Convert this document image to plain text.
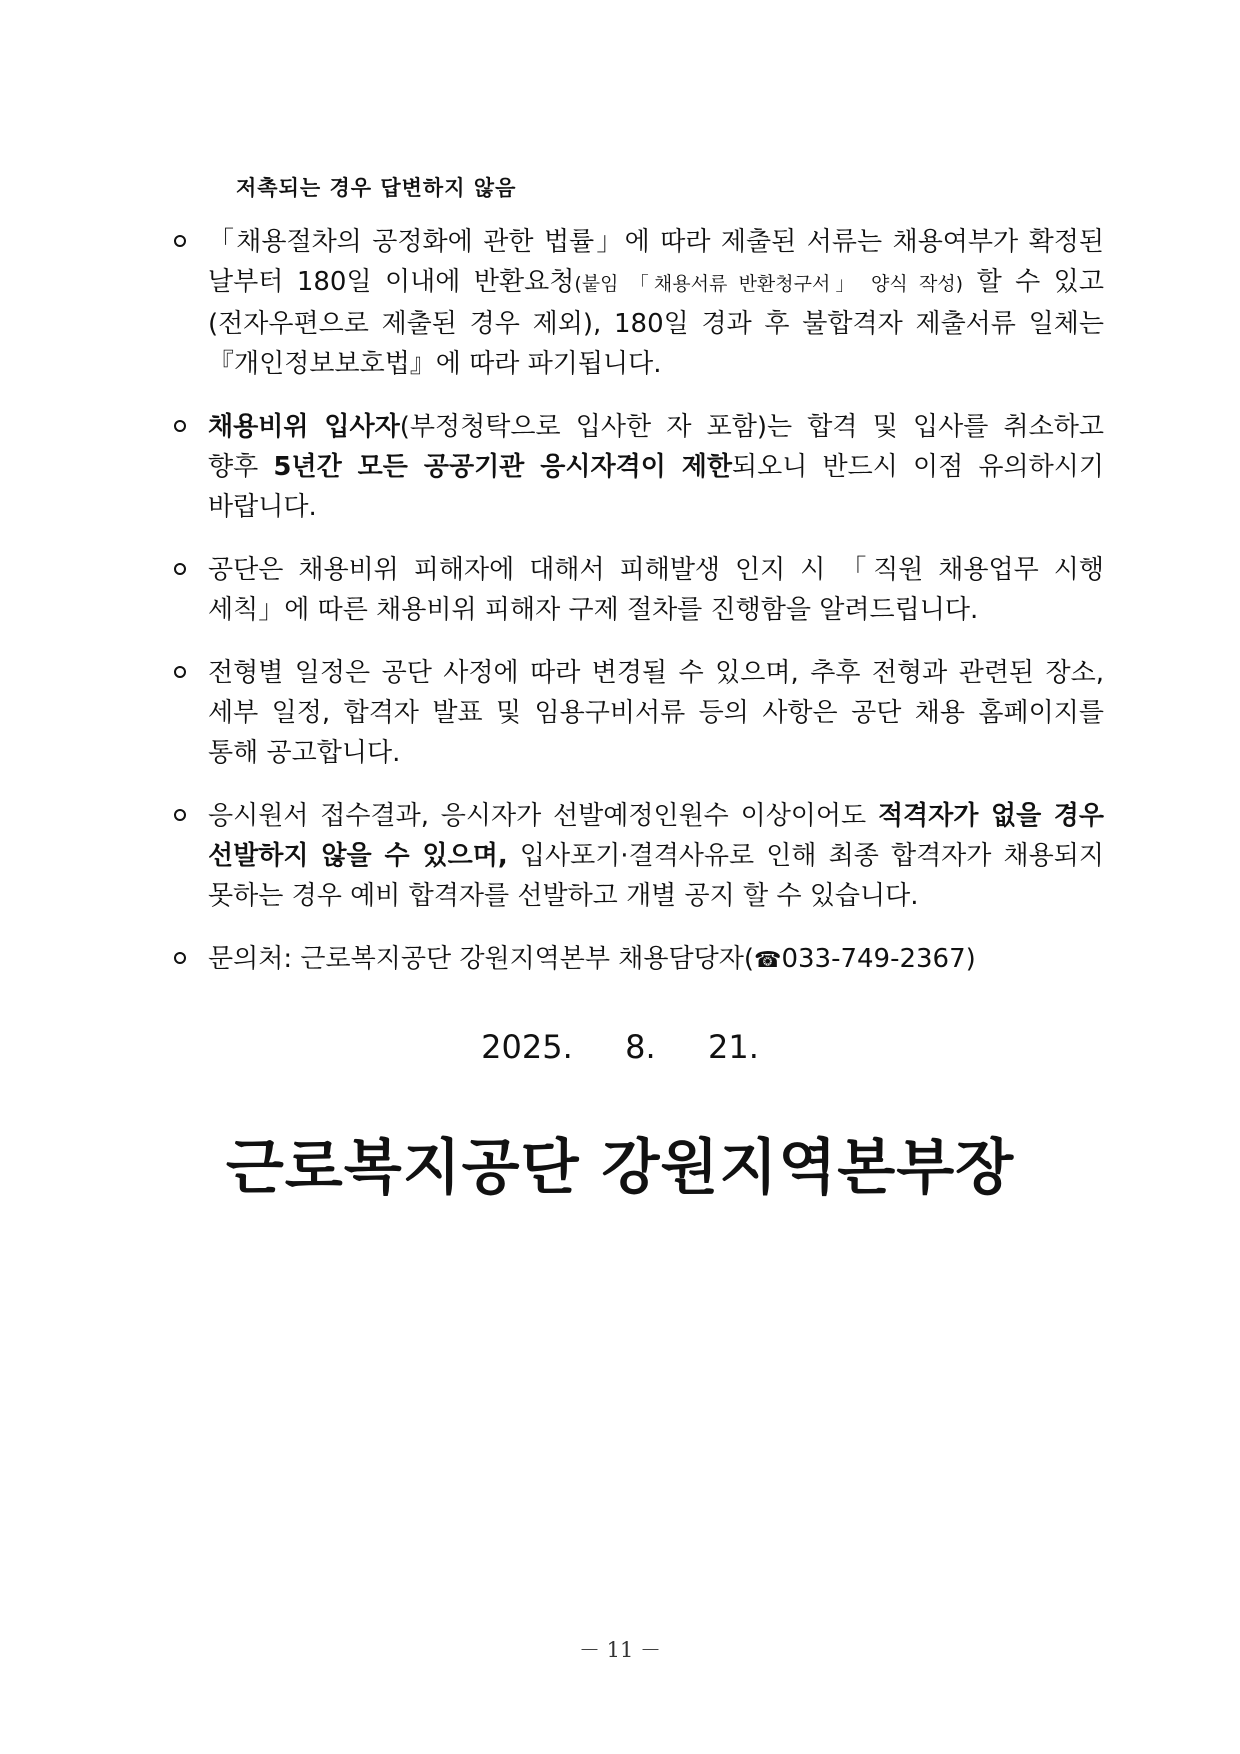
저촉되는 경우 답변하지 않음
「채용절차의 공정화에 관한 법률」에 따라 제출된 서류는 채용여부가 확정된 날부터 180일 이내에 반환요청(붙임 「채용서류 반환청구서」 양식 작성) 할 수 있고(전자우편으로 제출된 경우 제외), 180일 경과 후 불합격자 제출서류 일체는 『개인정보보호법』에 따라 파기됩니다.
채용비위 입사자(부정청탁으로 입사한 자 포함)는 합격 및 입사를 취소하고 향후 5년간 모든 공공기관 응시자격이 제한되오니 반드시 이점 유의하시기 바랍니다.
공단은 채용비위 피해자에 대해서 피해발생 인지 시 「직원 채용업무 시행 세칙」에 따른 채용비위 피해자 구제 절차를 진행함을 알려드립니다.
전형별 일정은 공단 사정에 따라 변경될 수 있으며, 추후 전형과 관련된 장소, 세부 일정, 합격자 발표 및 임용구비서류 등의 사항은 공단 채용 홈페이지를 통해 공고합니다.
응시원서 접수결과, 응시자가 선발예정인원수 이상이어도 적격자가 없을 경우 선발하지 않을 수 있으며, 입사포기·결격사유로 인해 최종 합격자가 채용되지 못하는 경우 예비 합격자를 선발하고 개별 공지 할 수 있습니다.
문의처: 근로복지공단 강원지역본부 채용담당자(☎033-749-2367)
2025.  8.  21.
근로복지공단 강원지역본부장
－ 11 －
